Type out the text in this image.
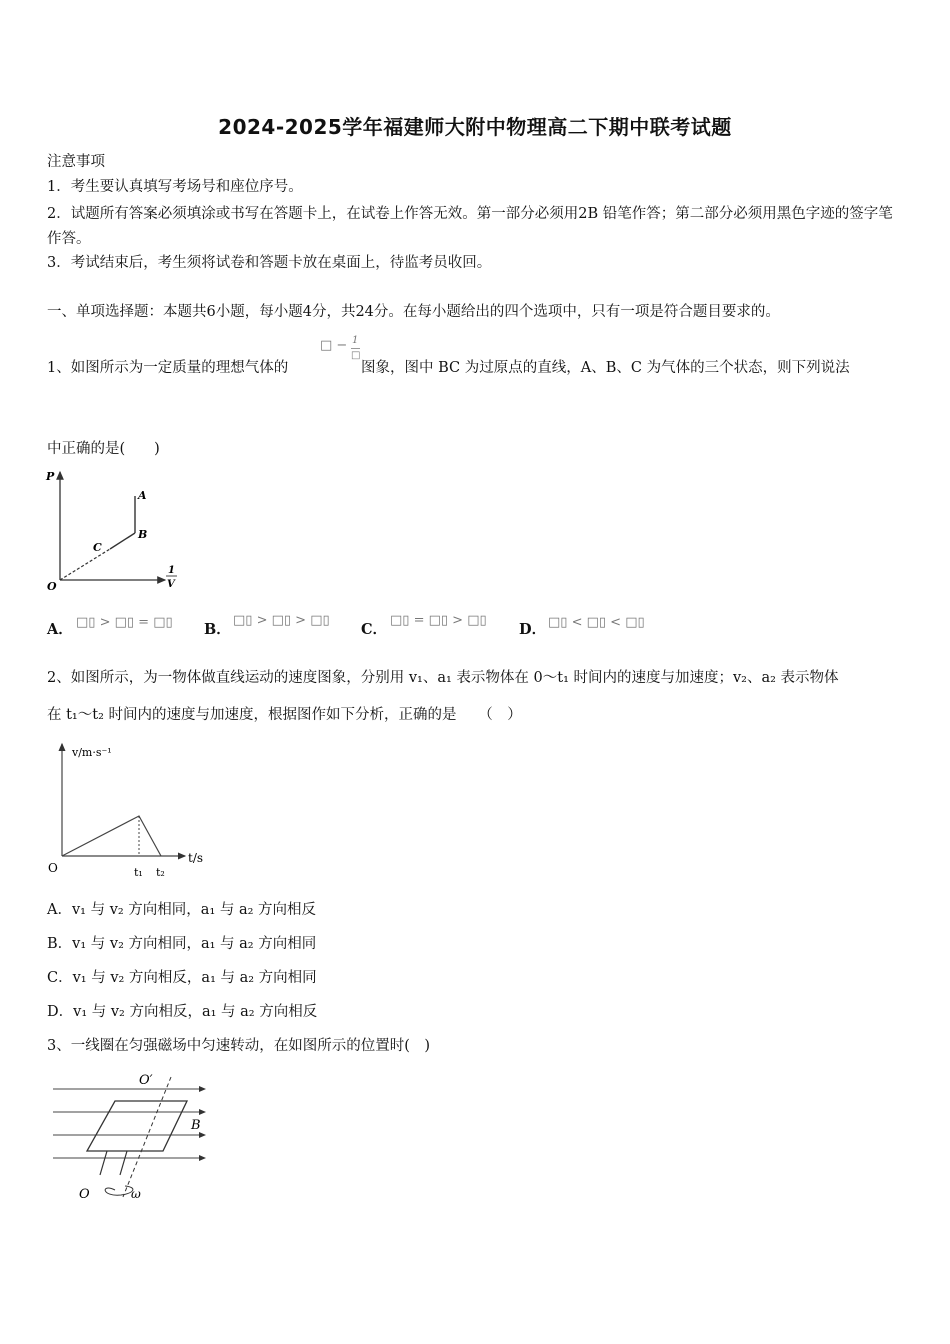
2024-2025学年福建师大附中物理高二下期中联考试题
注意事项
1．考生要认真填写考场号和座位序号。
2．试题所有答案必须填涂或书写在答题卡上，在试卷上作答无效。第一部分必须用2B 铅笔作答；第二部分必须用黑色字迹的签字笔作答。
3．考试结束后，考生须将试卷和答题卡放在桌面上，待监考员收回。
一、单项选择题：本题共6小题，每小题4分，共24分。在每小题给出的四个选项中，只有一项是符合题目要求的。
1、如图所示为一定质量的理想气体的
□ − 1
□
图象，图中 BC 为过原点的直线，A、B、C 为气体的三个状态，则下列说法
中正确的是(　　)
P
O
A
B
C
1
V
A． □▯ > □▯ = □▯ B．
□▯ > □▯ > □▯
C．
□▯ = □▯ > □▯
D． □▯ < □▯ < □▯
2、如图所示，为一物体做直线运动的速度图象，分别用 v₁、a₁ 表示物体在 0～t₁ 时间内的速度与加速度；v₂、a₂ 表示物体
在 t₁～t₂ 时间内的速度与加速度，根据图作如下分析，正确的是　　（　）
v/m·s⁻¹
t/s
O	t₁ t₂
A．v₁ 与 v₂ 方向相同，a₁ 与 a₂ 方向相反
B．v₁ 与 v₂ 方向相同，a₁ 与 a₂ 方向相同
C．v₁ 与 v₂ 方向相反，a₁ 与 a₂ 方向相同
D．v₁ 与 v₂ 方向相反，a₁ 与 a₂ 方向相反
3、一线圈在匀强磁场中匀速转动，在如图所示的位置时(　)
O′
B
O	ω
